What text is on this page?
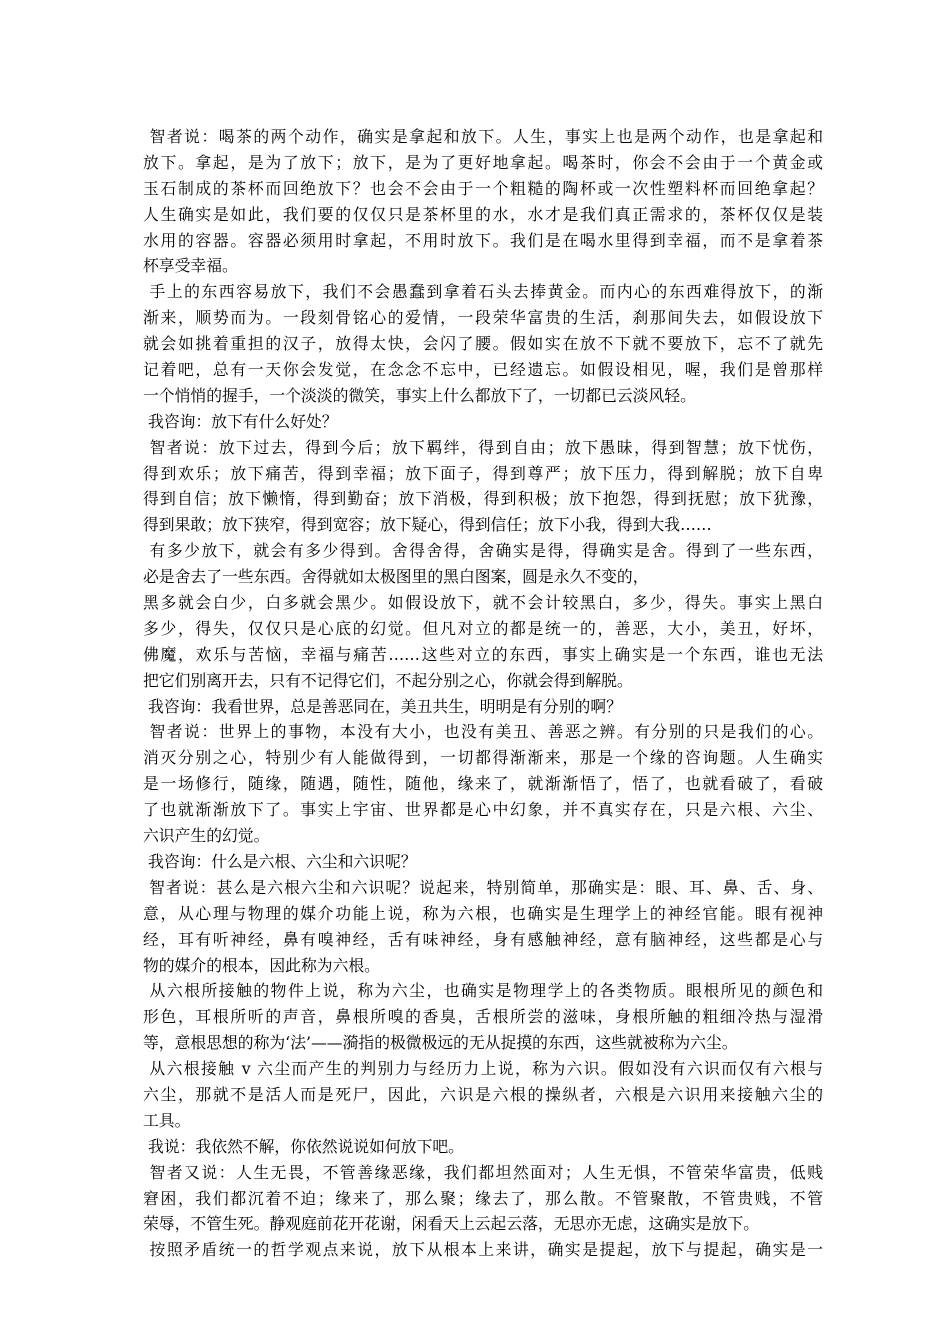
智者说：喝茶的两个动作，确实是拿起和放下。人生，事实上也是两个动作，也是拿起和
放下。拿起，是为了放下；放下，是为了更好地拿起。喝茶时，你会不会由于一个黄金或
玉石制成的茶杯而回绝放下？也会不会由于一个粗糙的陶杯或一次性塑料杯而回绝拿起？
人生确实是如此，我们要的仅仅只是茶杯里的水，水才是我们真正需求的，茶杯仅仅是装
水用的容器。容器必须用时拿起，不用时放下。我们是在喝水里得到幸福，而不是拿着茶
杯享受幸福。
手上的东西容易放下，我们不会愚蠢到拿着石头去捧黄金。而内心的东西难得放下，的渐
渐来，顺势而为。一段刻骨铭心的爱情，一段荣华富贵的生活，刹那间失去，如假设放下
就会如挑着重担的汉子，放得太快，会闪了腰。假如实在放不下就不要放下，忘不了就先
记着吧，总有一天你会发觉，在念念不忘中，已经遗忘。如假设相见，喔，我们是曾那样
一个悄悄的握手，一个淡淡的微笑，事实上什么都放下了，一切都已云淡风轻。
我咨询：放下有什么好处？
智者说：放下过去，得到今后；放下羁绊，得到自由；放下愚昧，得到智慧；放下忧伤，
得到欢乐；放下痛苦，得到幸福；放下面子，得到尊严；放下压力，得到解脱；放下自卑
得到自信；放下懒惰，得到勤奋；放下消极，得到积极；放下抱怨，得到抚慰；放下犹豫，
得到果敢；放下狭窄，得到宽容；放下疑心，得到信任；放下小我，得到大我……
有多少放下，就会有多少得到。舍得舍得，舍确实是得，得确实是舍。得到了一些东西，
必是舍去了一些东西。舍得就如太极图里的黑白图案，圆是永久不变的，
黑多就会白少，白多就会黑少。如假设放下，就不会计较黑白，多少，得失。事实上黑白
多少，得失，仅仅只是心底的幻觉。但凡对立的都是统一的，善恶，大小，美丑，好坏，
佛魔，欢乐与苦恼，幸福与痛苦……这些对立的东西，事实上确实是一个东西，谁也无法
把它们别离开去，只有不记得它们，不起分别之心，你就会得到解脱。
我咨询：我看世界，总是善恶同在，美丑共生，明明是有分别的啊？
智者说：世界上的事物，本没有大小，也没有美丑、善恶之辨。有分别的只是我们的心。
消灭分别之心，特别少有人能做得到，一切都得渐渐来，那是一个缘的咨询题。人生确实
是一场修行，随缘，随遇，随性，随他，缘来了，就渐渐悟了，悟了，也就看破了，看破
了也就渐渐放下了。事实上宇宙、世界都是心中幻象，并不真实存在，只是六根、六尘、
六识产生的幻觉。
我咨询：什么是六根、六尘和六识呢？
智者说：甚么是六根六尘和六识呢？说起来，特别简单，那确实是：眼、耳、鼻、舌、身、
意，从心理与物理的媒介功能上说，称为六根，也确实是生理学上的神经官能。眼有视神
经，耳有听神经，鼻有嗅神经，舌有味神经，身有感触神经，意有脑神经，这些都是心与
物的媒介的根本，因此称为六根。
从六根所接触的物件上说，称为六尘，也确实是物理学上的各类物质。眼根所见的颜色和
形色，耳根所听的声音，鼻根所嗅的香臭，舌根所尝的滋味，身根所触的粗细冷热与湿滑
等，意根思想的称为‘法’——漪指的极微极远的无从捉摸的东西，这些就被称为六尘。
从六根接触 v 六尘而产生的判别力与经历力上说，称为六识。假如没有六识而仅有六根与
六尘，那就不是活人而是死尸，因此，六识是六根的操纵者，六根是六识用来接触六尘的
工具。
我说：我依然不解，你依然说说如何放下吧。
智者又说：人生无畏，不管善缘恶缘，我们都坦然面对；人生无惧，不管荣华富贵，低贱
窘困，我们都沉着不迫；缘来了，那么聚；缘去了，那么散。不管聚散，不管贵贱，不管
荣辱，不管生死。静观庭前花开花谢，闲看天上云起云落，无思亦无虑，这确实是放下。
按照矛盾统一的哲学观点来说，放下从根本上来讲，确实是提起，放下与提起，确实是一
